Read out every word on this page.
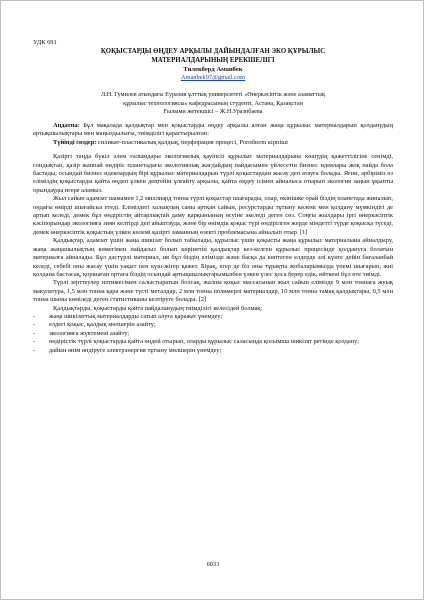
УДК 691
ҚОҚЫСТАРДЫ ӨҢДЕУ АРҚЫЛЫ ДАЙЫНДАЛҒАН ЭКО ҚҰРЫЛЫС
МАТЕРИАЛДАРЫНЫҢ ЕРЕКШЕЛІГІ
Тилекберд Аманбек
Amanbek97@gmail.com
Л.Н. Гумилев атындағы Еуразия ұлттық университеті «Өнеркәсіптік және азаматтық
құрылыс технологиясы» кафедрасының студенті, Астана, Қазақстан
Ғылыми жетекшісі – Ж.Н.Уразнбаева

Аңдатпа: Бұл мақалада қалдықтар мен қоқыстарды өңдеу арқылы алған жаңа құрылыс материалдарын қолданудың артықшылықтары мен маңыздылығы, тиімділігі қарастырылған:

Түйінді сөздер: силикат-пластикалық қалдық, перфорация процесі, Porotherm кірпіші

Қазіргі таңда бүкіл әлем ғалымдары экологиялық қауіпсіз құрылыс материалдарына көшудің қажеттілігіне сенімді, сондықтан, қазір жаппай өндіріс планетадағы экологиялық жағдайдың пайдасымен үйлесетін бизнес идеялары жоқ пайда бола бастады, осындай бизнес идеялардың бірі құрылыс материалдарын түрлі қоқыстардан жасау деп атауға болады. Яғни, әрбіріміз өз еліміздің қоқыстарды қайта өңдеп ұлкен деңгейін ұлғайту арқылы, қайта өңдеу ісімен айналыса отырып экология заңын ұқыпты орындауды игере аламыз.

Жыл сайын адамзат шамамен 1,2 миллиард тонна түрлі қоқыстар шығарады, олар, өкінішке орай біздің планетада жиналып, ондағы өмірді шығайсыз етеді. Еліміздегі халықтың саны артқан сайын, ресурстарды тұтыну көлемі мен қолдану мүмкіндігі де артып келеді, демек бұл өндірістің айтарлықтай дамy қарқынының өсуіне әкеледі деген сөз. Соңғы жылдары іргі өнеркәсіптік кәсіпорындар экологияға зиян келтірді деп айыптауда, және бір өнімдік қоқыс түрі өндірілген жерде міндетті түрде қоқысқа түседі, демек өнеркәсіптік қоқыстың үлкен көлемі қазіргі заманның өзекті проблемасына айналып отыр. [1]

Қалдықтар, адамзат үшін жаңа шикізат болып табылады, құрылыс үшін қоқысты жаңа құрылыс материалына айналдыру, жаңа жаңашылықтың көмегімен пайдасыз болып көрінетін қалдықтар кез-келген құрылыс процесінде қолдануға болатын материалға айналады. Бұл дәстүрлі материал, ия бұл біздің елімізде және басқа да көптеген елдерде әлі күнге дейін бағаланбай келеді, себебі оны жасау үшін уақыт пен күш-жігер қажет. Бірақ, егер де біз оны тұрақты жобаларымызда үнемі шығарып, жиі қолдана бастасақ, қоршаған ортаға біздің осындай артықшылықтарымызбен үлкен үлес қоса берер едік, өйткені бұл өте тиімді.

Түрлі зерттеулер нәтижесімен салыстыратын болсақ, жалпы қоқыс массасынан жыл сайын елімізде 9 млн тоннаға жуық макулатура, 1,5 млн тонна қара және түсті металдар, 2 млн тонна полимерлі материалдар, 10 млн тонна тамақ қалдықтары, 0,5 млн тонна шыны көміледі деген статистиканы келтіруге болады. [2]

Қалдықтарды, қоқыстарды қайта пайдаланудың тиімділігі келесідей болмақ:

- жаңа шикізаттық материалдарды сатып алуға қаражат үнемдеу;
- елдегі қоқыс, қалдық мөлшерін азайту;
- экологияға жүктемені азайту;
- өндірістік түрлі қоқыстарды қайта өңдей отырып, оларды құрылыс саласында қосымша шикізат ретінде қолдану;
- дайын өнім өндіруге электрэнергия тұтыну мөлшерін үнемдеу;
6033
